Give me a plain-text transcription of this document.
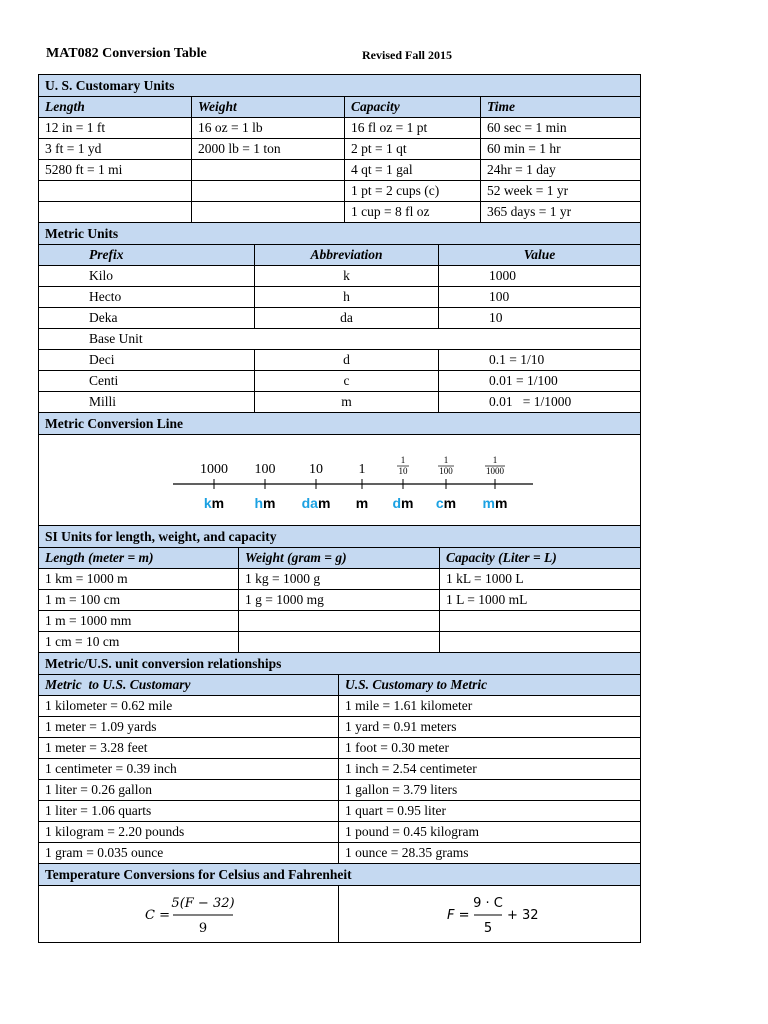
MAT082 Conversion Table	Revised Fall 2015
U. S. Customary Units			
Length	Weight	Capacity	Time
12 in = 1 ft	16 oz = 1 lb	16 fl oz = 1 pt	60 sec = 1 min
3 ft = 1 yd	2000 lb = 1 ton	2 pt = 1 qt	60 min = 1 hr
5280 ft = 1 mi		4 qt = 1 gal	24hr = 1 day
		1 pt = 2 cups (c)	52 week = 1 yr
		1 cup = 8 fl oz	365 days = 1 yr
Metric Units		
Prefix	Abbreviation	Value
Kilo	k	1000
Hecto	h	100
Deka	da	10
Base Unit		
Deci	d	0.1 = 1/10
Centi	c	0.01 = 1/100
Milli	m	0.01   = 1/1000
Metric Conversion Line

1000 100 10	1
1
10
1
100
1
1000
km hm dam m dm cm mm
SI Units for length, weight, and capacity		
Length (meter = m)	Weight (gram = g)	Capacity (Liter = L)
1 km = 1000 m	1 kg = 1000 g	1 kL = 1000 L
1 m = 100 cm	1 g = 1000 mg	1 L = 1000 mL
1 m = 1000 mm		
1 cm = 10 cm		
Metric/U.S. unit conversion relationships	
Metric  to U.S. Customary	U.S. Customary to Metric
1 kilometer = 0.62 mile	1 mile = 1.61 kilometer
1 meter = 1.09 yards	1 yard = 0.91 meters
1 meter = 3.28 feet	1 foot = 0.30 meter
1 centimeter = 0.39 inch	1 inch = 2.54 centimeter
1 liter = 0.26 gallon	1 gallon = 3.79 liters
1 liter = 1.06 quarts	1 quart = 0.95 liter
1 kilogram = 2.20 pounds	1 pound = 0.45 kilogram
1 gram = 0.035 ounce	1 ounce = 28.35 grams
Temperature Conversions for Celsius and Fahrenheit

C =
5(F − 32)
9

F =
9 · C
5
+ 32
